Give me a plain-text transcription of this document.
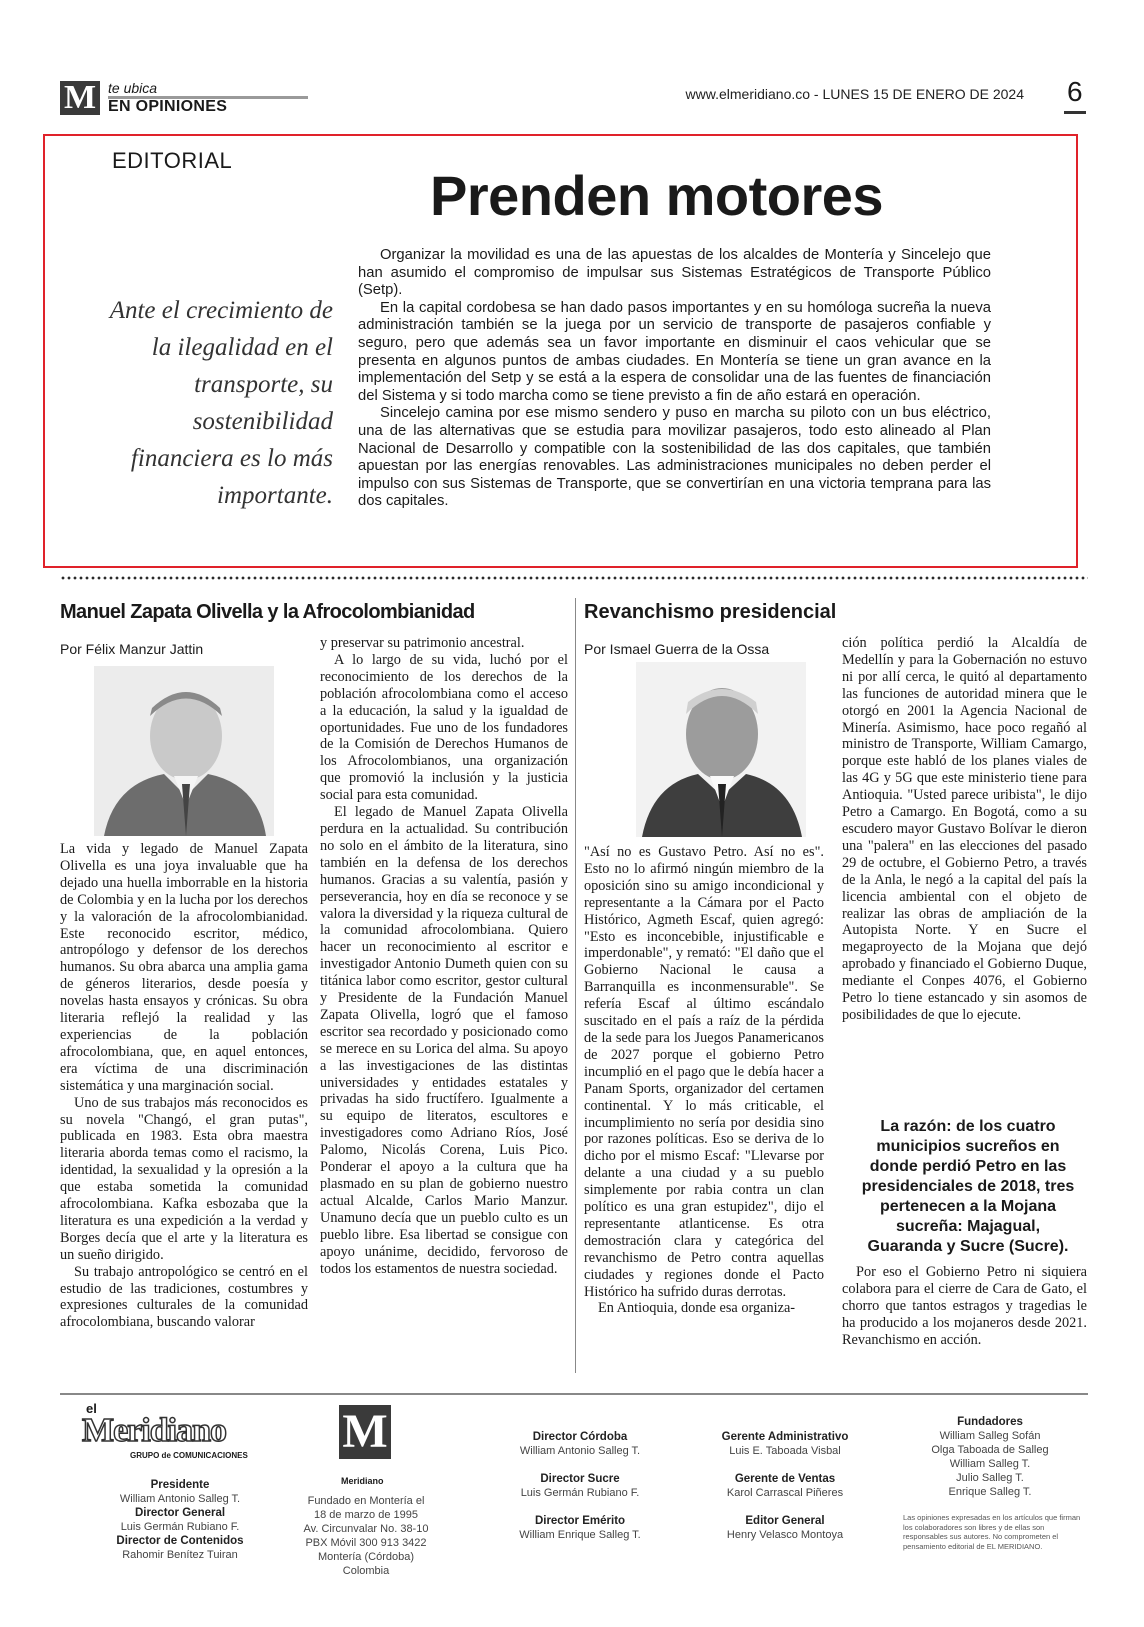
M te ubica
EN OPINIONES
www.elmeridiano.co - LUNES 15 DE ENERO DE 2024 6
EDITORIAL
Prenden motores
Ante el crecimiento de la ilegalidad en el transporte, su sostenibilidad financiera es lo más importante.

Organizar la movilidad es una de las apuestas de los alcaldes de Montería y Sincelejo que han asumido el compromiso de impulsar sus Sistemas Estratégicos de Transporte Público (Setp).

En la capital cordobesa se han dado pasos importantes y en su homóloga sucreña la nueva administración también se la juega por un servicio de transporte de pasajeros confiable y seguro, pero que además sea un favor importante en disminuir el caos vehicular que se presenta en algunos puntos de ambas ciudades. En Montería se tiene un gran avance en la implementación del Setp y se está a la espera de consolidar una de las fuentes de financiación del Sistema y si todo marcha como se tiene previsto a fin de año estará en operación.

Sincelejo camina por ese mismo sendero y puso en marcha su piloto con un bus eléctrico, una de las alternativas que se estudia para movilizar pasajeros, todo esto alineado al Plan Nacional de Desarrollo y compatible con la sostenibilidad de las dos capitales, que también apuestan por las energías renovables. Las administraciones municipales no deben perder el impulso con sus Sistemas de Transporte, que se convertirían en una victoria temprana para las dos capitales.

Manuel Zapata Olivella y la Afrocolombianidad
Por Félix Manzur Jattin

La vida y legado de Manuel Zapata Olivella es una joya invaluable que ha dejado una huella imborrable en la historia de Colombia y en la lucha por los derechos y la valoración de la afrocolombianidad. Este reconocido escritor, médico, antropólogo y defensor de los derechos humanos. Su obra abarca una amplia gama de géneros literarios, desde poesía y novelas hasta ensayos y crónicas. Su obra literaria reflejó la realidad y las experiencias de la población afrocolombiana, que, en aquel entonces, era víctima de una discriminación sistemática y una marginación social.

Uno de sus trabajos más reconocidos es su novela "Changó, el gran putas", publicada en 1983. Esta obra maestra literaria aborda temas como el racismo, la identidad, la sexualidad y la opresión a la que estaba sometida la comunidad afrocolombiana. Kafka esbozaba que la literatura es una expedición a la verdad y Borges decía que el arte y la literatura es un sueño dirigido.

Su trabajo antropológico se centró en el estudio de las tradiciones, costumbres y expresiones culturales de la comunidad afrocolombiana, buscando valorar

y preservar su patrimonio ancestral.

A lo largo de su vida, luchó por el reconocimiento de los derechos de la población afrocolombiana como el acceso a la educación, la salud y la igualdad de oportunidades. Fue uno de los fundadores de la Comisión de Derechos Humanos de los Afrocolombianos, una organización que promovió la inclusión y la justicia social para esta comunidad.

El legado de Manuel Zapata Olivella perdura en la actualidad. Su contribución no solo en el ámbito de la literatura, sino también en la defensa de los derechos humanos. Gracias a su valentía, pasión y perseverancia, hoy en día se reconoce y se valora la diversidad y la riqueza cultural de la comunidad afrocolombiana. Quiero hacer un reconocimiento al escritor e investigador Antonio Dumeth quien con su titánica labor como escritor, gestor cultural y Presidente de la Fundación Manuel Zapata Olivella, logró que el famoso escritor sea recordado y posicionado como se merece en su Lorica del alma. Su apoyo a las investigaciones de las distintas universidades y entidades estatales y privadas ha sido fructífero. Igualmente a su equipo de literatos, escultores e investigadores como Adriano Ríos, José Palomo, Nicolás Corena, Luis Pico. Ponderar el apoyo a la cultura que ha plasmado en su plan de gobierno nuestro actual Alcalde, Carlos Mario Manzur. Unamuno decía que un pueblo culto es un pueblo libre. Esa libertad se consigue con apoyo unánime, decidido, fervoroso de todos los estamentos de nuestra sociedad.

Revanchismo presidencial
Por Ismael Guerra de la Ossa

"Así no es Gustavo Petro. Así no es". Esto no lo afirmó ningún miembro de la oposición sino su amigo incondicional y representante a la Cámara por el Pacto Histórico, Agmeth Escaf, quien agregó: "Esto es inconcebible, injustificable e imperdonable", y remató: "El daño que el Gobierno Nacional le causa a Barranquilla es inconmensurable". Se refería Escaf al último escándalo suscitado en el país a raíz de la pérdida de la sede para los Juegos Panamericanos de 2027 porque el gobierno Petro incumplió en el pago que le debía hacer a Panam Sports, organizador del certamen continental. Y lo más criticable, el incumplimiento no sería por desidia sino por razones políticas. Eso se deriva de lo dicho por el mismo Escaf: "Llevarse por delante a una ciudad y a su pueblo simplemente por rabia contra un clan político es una gran estupidez", dijo el representante atlanticense. Es otra demostración clara y categórica del revanchismo de Petro contra aquellas ciudades y regiones donde el Pacto Histórico ha sufrido duras derrotas.

En Antioquia, donde esa organiza-

ción política perdió la Alcaldía de Medellín y para la Gobernación no estuvo ni por allí cerca, le quitó al departamento las funciones de autoridad minera que le otorgó en 2001 la Agencia Nacional de Minería. Asimismo, hace poco regañó al ministro de Transporte, William Camargo, porque este habló de los planes viales de las 4G y 5G que este ministerio tiene para Antioquia. "Usted parece uribista", le dijo Petro a Camargo. En Bogotá, como a su escudero mayor Gustavo Bolívar le dieron una "palera" en las elecciones del pasado 29 de octubre, el Gobierno Petro, a través de la Anla, le negó a la capital del país la licencia ambiental con el objeto de realizar las obras de ampliación de la Autopista Norte. Y en Sucre el megaproyecto de la Mojana que dejó aprobado y financiado el Gobierno Duque, mediante el Conpes 4076, el Gobierno Petro lo tiene estancado y sin asomos de posibilidades de que lo ejecute.

La razón: de los cuatro municipios sucreños en donde perdió Petro en las presidenciales de 2018, tres pertenecen a la Mojana sucreña: Majagual, Guaranda y Sucre (Sucre).

Por eso el Gobierno Petro ni siquiera colabora para el cierre de Cara de Gato, el chorro que tantos estragos y tragedias le ha producido a los mojaneros desde 2021. Revanchismo en acción.

el
Meridiano
GRUPO de COMUNICACIONES
Presidente
William Antonio Salleg T.
Director General
Luis Germán Rubiano F.
Director de Contenidos
Rahomir Benítez Tuiran
M
Meridiano
Fundado en Montería el 18 de marzo de 1995
Av. Circunvalar No. 38-10
PBX Móvil 300 913 3422
Montería (Córdoba) Colombia
Director Córdoba
William Antonio Salleg T.

Director Sucre
Luis Germán Rubiano F.

Director Emérito
William Enrique Salleg T.
Gerente Administrativo
Luis E. Taboada Visbal

Gerente de Ventas
Karol Carrascal Piñeres

Editor General
Henry Velasco Montoya
Fundadores
William Salleg Sofán
Olga Taboada de Salleg
William Salleg T.
Julio Salleg T.
Enrique Salleg T.
Las opiniones expresadas en los artículos que firman los colaboradores son libres y de ellas son responsables sus autores. No comprometen el pensamiento editorial de EL MERIDIANO.
